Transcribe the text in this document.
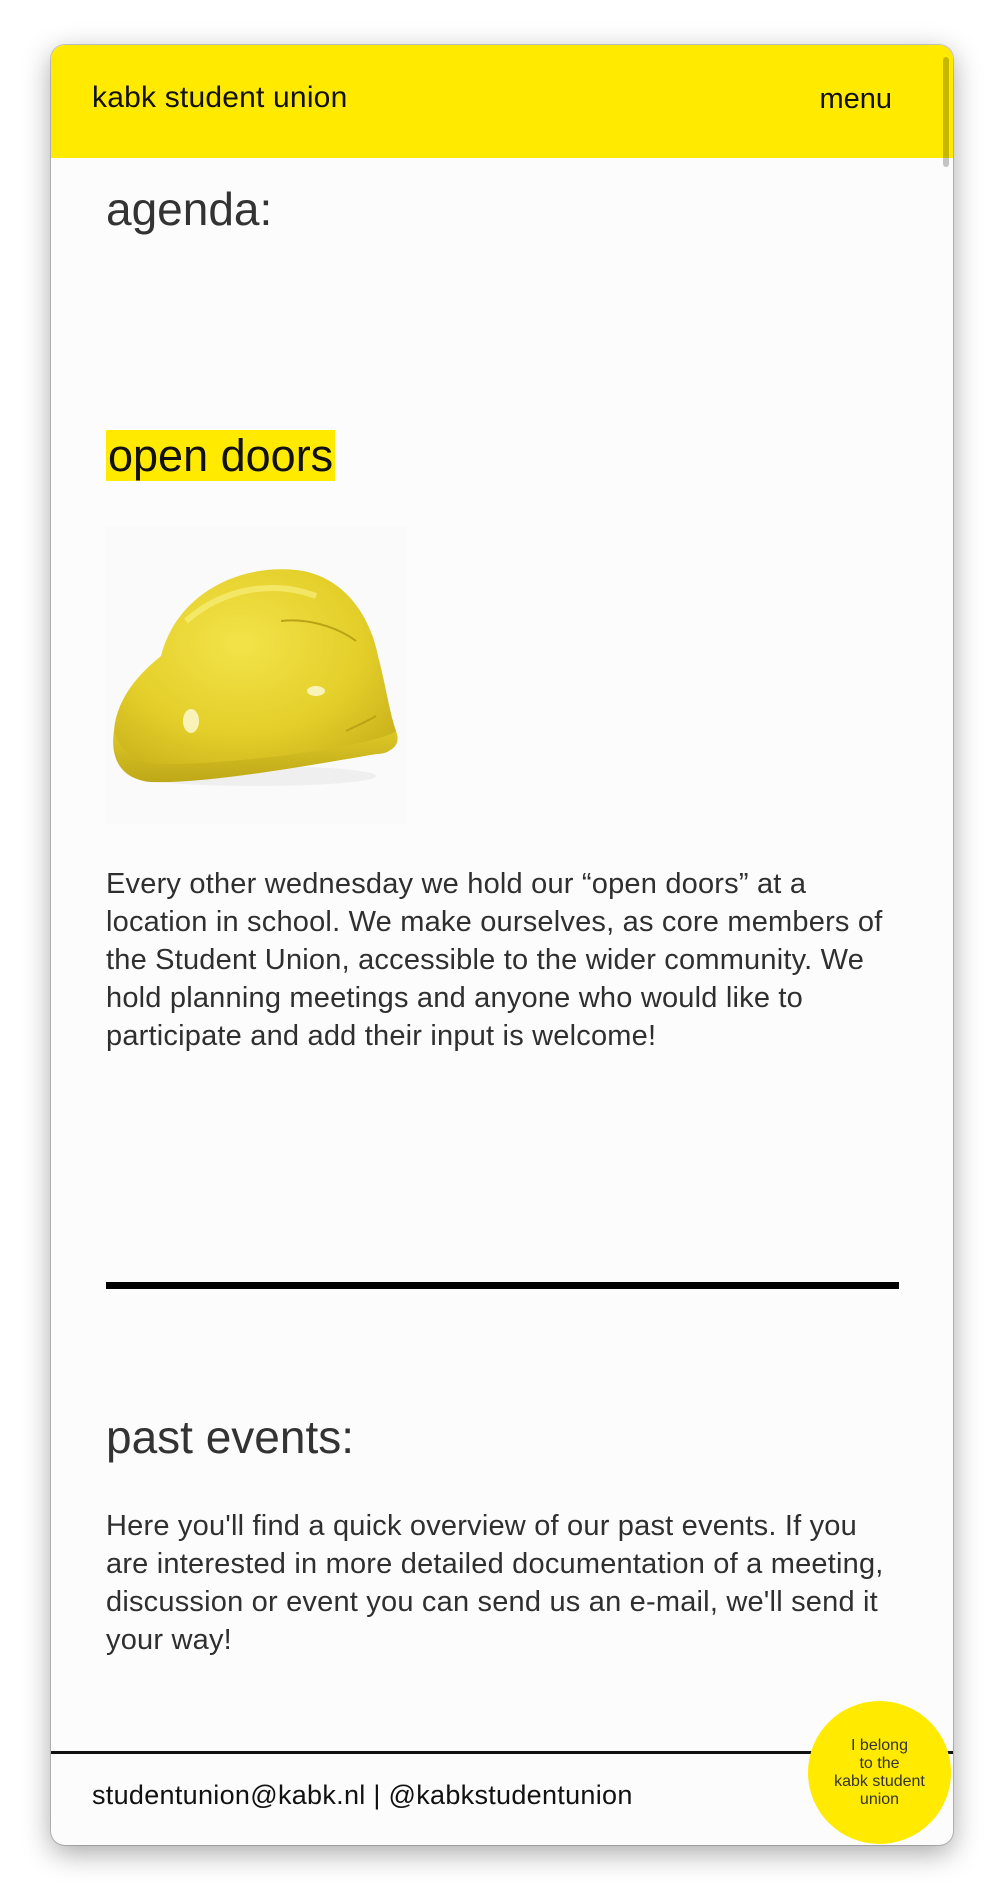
kabk student union	menu
agenda:
open doors
Every other wednesday we hold our “open doors” at a location in school. We make ourselves, as core members of the Student Union, accessible to the wider community. We hold planning meetings and anyone who would like to participate and add their input is welcome!
past events:
Here you'll find a quick overview of our past events. If you are interested in more detailed documentation of a meeting, discussion or event you can send us an e-mail, we'll send it your way!
studentunion@kabk.nl | @kabkstudentunion
I belong
to the
kabk student
union
